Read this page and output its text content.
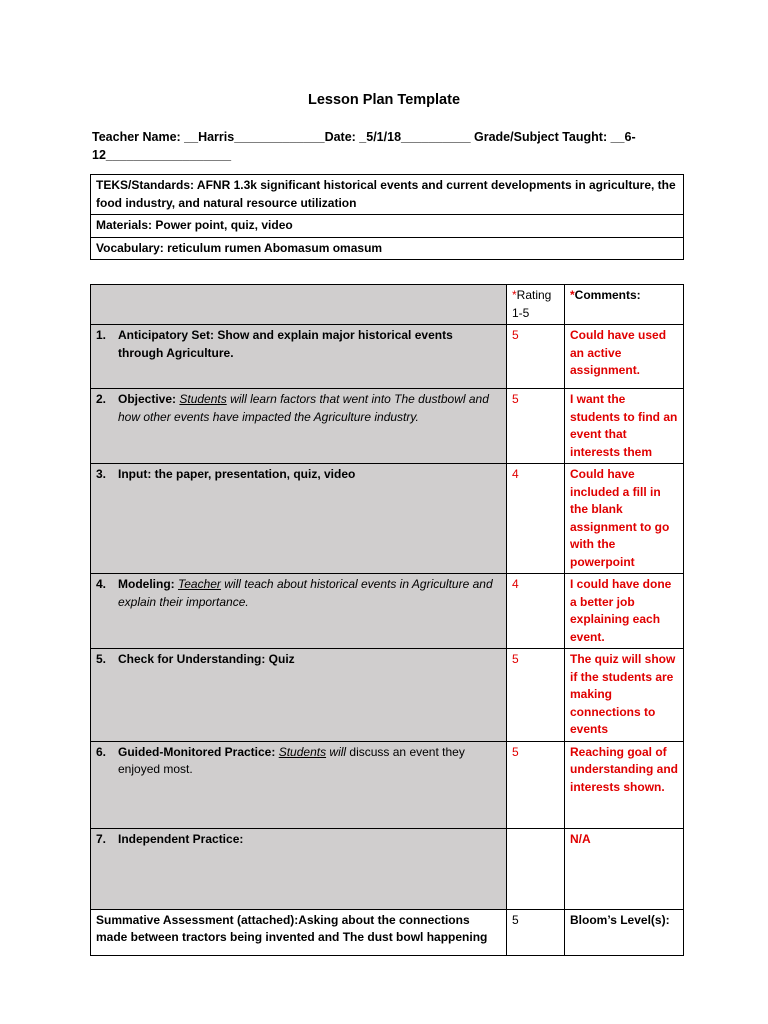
Lesson Plan Template
Teacher Name: __Harris_____________Date: _5/1/18__________ Grade/Subject Taught: __6-
12__________________
TEKS/Standards: AFNR 1.3k significant historical events and current developments in agriculture, the food industry, and natural resource utilization
Materials: Power point, quiz, video
Vocabulary: reticulum rumen Abomasum omasum
	*Rating 1-5	*Comments:
1. Anticipatory Set: Show and explain major historical events through Agriculture.	5	Could have used an active assignment.
2. Objective: Students will learn factors that went into The dustbowl and how other events have impacted the Agriculture industry.	5	I want the students to find an event that interests them
3. Input: the paper, presentation, quiz, video	4	Could have included a fill in the blank assignment to go with the powerpoint
4. Modeling: Teacher will teach about historical events in Agriculture and explain their importance.	4	I could have done a better job explaining each event.
5. Check for Understanding: Quiz	5	The quiz will show if the students are making connections to events
6. Guided-Monitored Practice: Students will discuss an event they enjoyed most.	5	Reaching goal of understanding and interests shown.
7. Independent Practice:		N/A
Summative Assessment (attached):Asking about the connections made between tractors being invented and The dust bowl happening	5	Bloom’s Level(s):
